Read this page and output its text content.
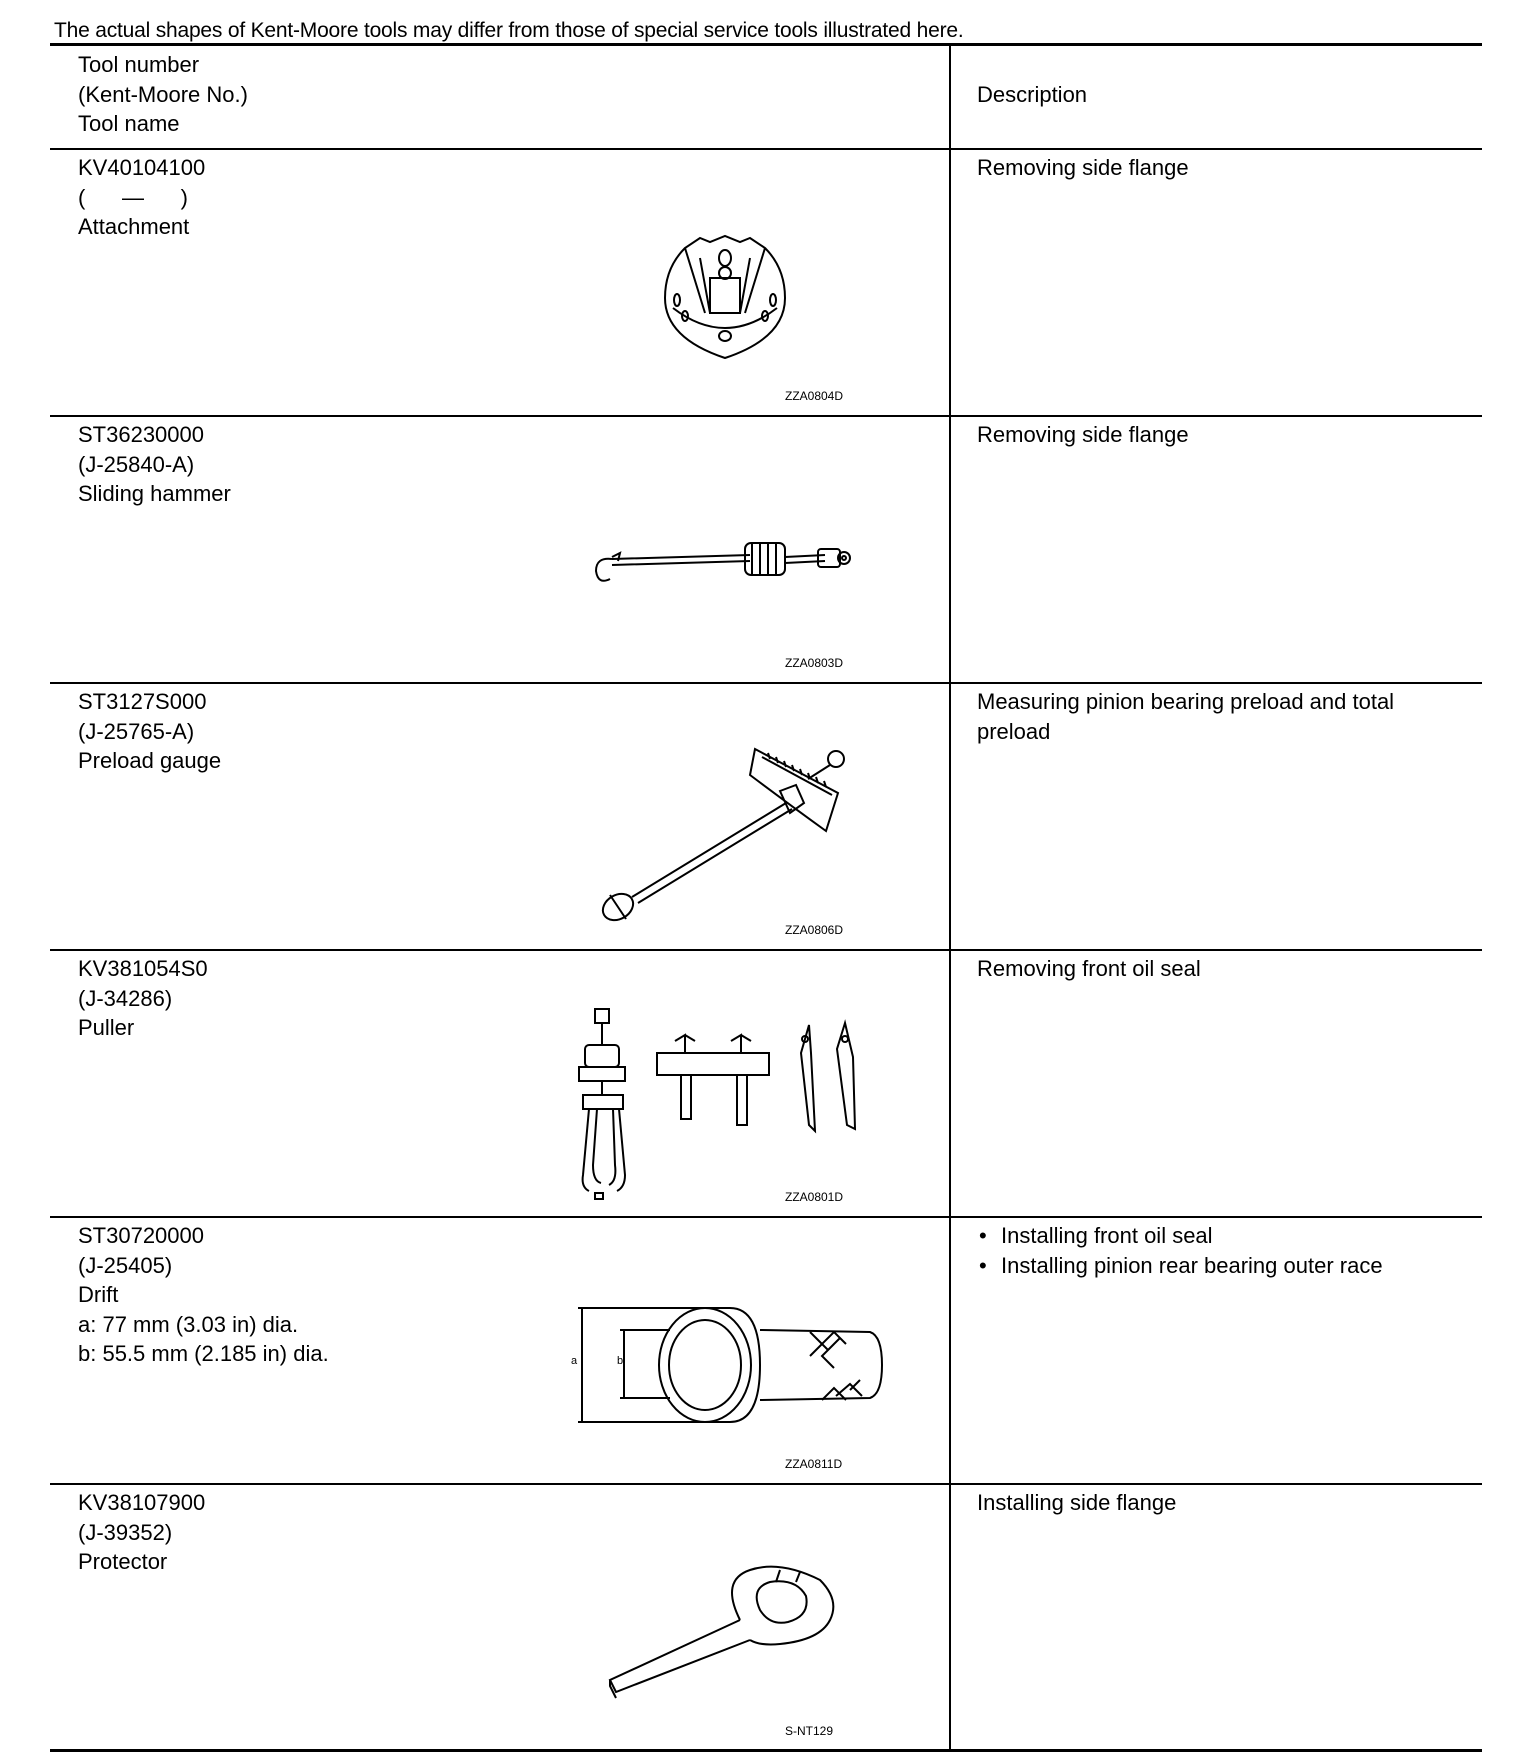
The actual shapes of Kent-Moore tools may differ from those of special service tools illustrated here.
Tool number
(Kent-Moore No.)
Tool name
Description
KV40104100
(      —      )
Attachment
Removing side flange
ZZA0804D
ST36230000
(J-25840-A)
Sliding hammer
Removing side flange
ZZA0803D
ST3127S000
(J-25765-A)
Preload gauge
Measuring pinion bearing preload and total
preload
ZZA0806D
KV381054S0
(J-34286)
Puller
Removing front oil seal
ZZA0801D
ST30720000
(J-25405)
Drift
a: 77 mm (3.03 in) dia.
b: 55.5 mm (2.185 in) dia.
• Installing front oil seal
• Installing pinion rear bearing outer race
a	b
ZZA0811D
KV38107900
(J-39352)
Protector
Installing side flange
S-NT129
